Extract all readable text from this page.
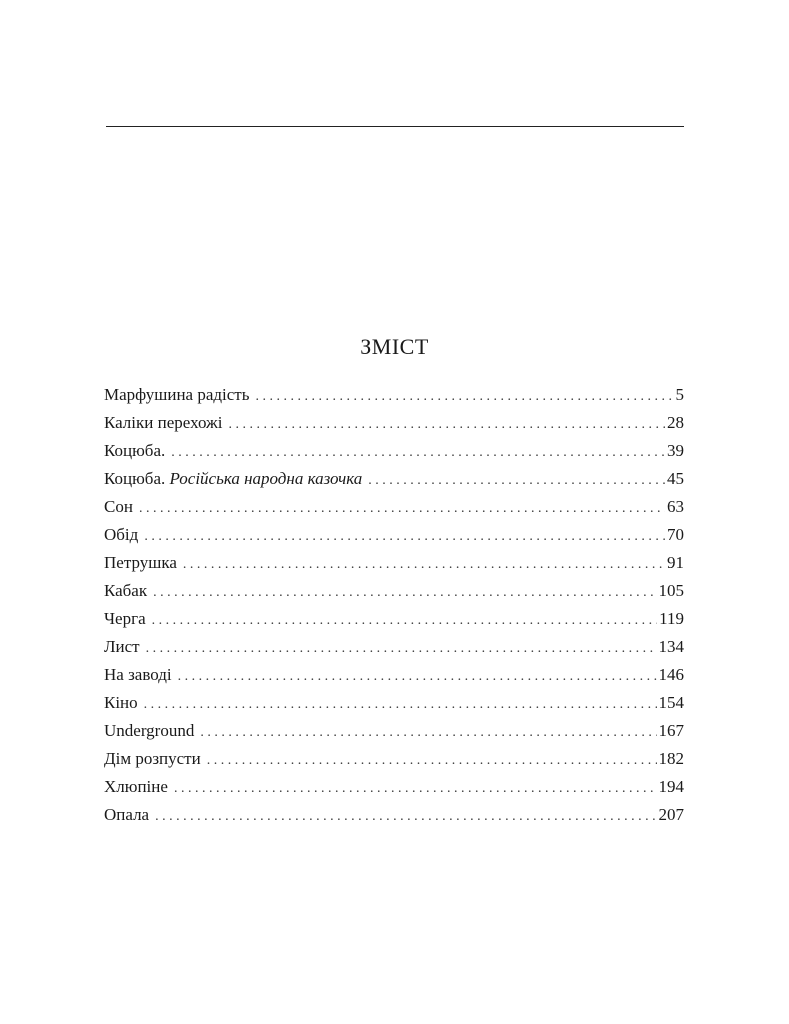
ЗМІСТ
Марфушина радість . . .	5
Каліки перехожі . . .	28
Коцюба. . . .	39
Коцюба. Російська народна казочка . . .	45
Сон . . .	63
Обід . . .	70
Петрушка . . .	91
Кабак . . .	105
Черга . . .	119
Лист . . .	134
На заводі . . .	146
Кіно . . .	154
Underground . . .	167
Дім розпусти . . .	182
Хлюпіне . . .	194
Опала . . .	207
